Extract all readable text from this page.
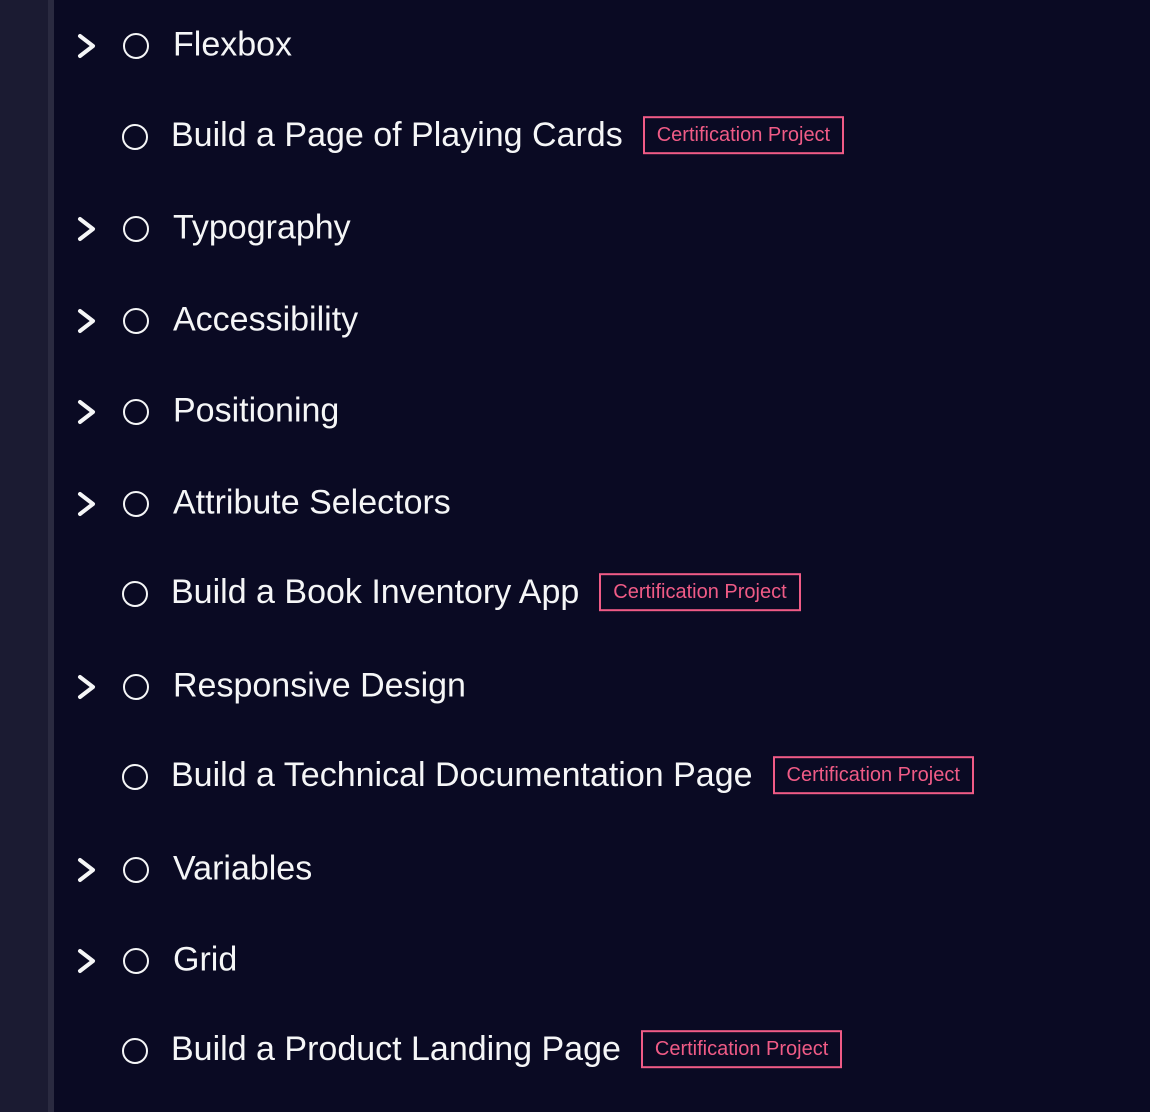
Flexbox
Build a Page of Playing Cards Certification Project
Typography
Accessibility
Positioning
Attribute Selectors
Build a Book Inventory App Certification Project
Responsive Design
Build a Technical Documentation Page Certification Project
Variables
Grid
Build a Product Landing Page Certification Project
